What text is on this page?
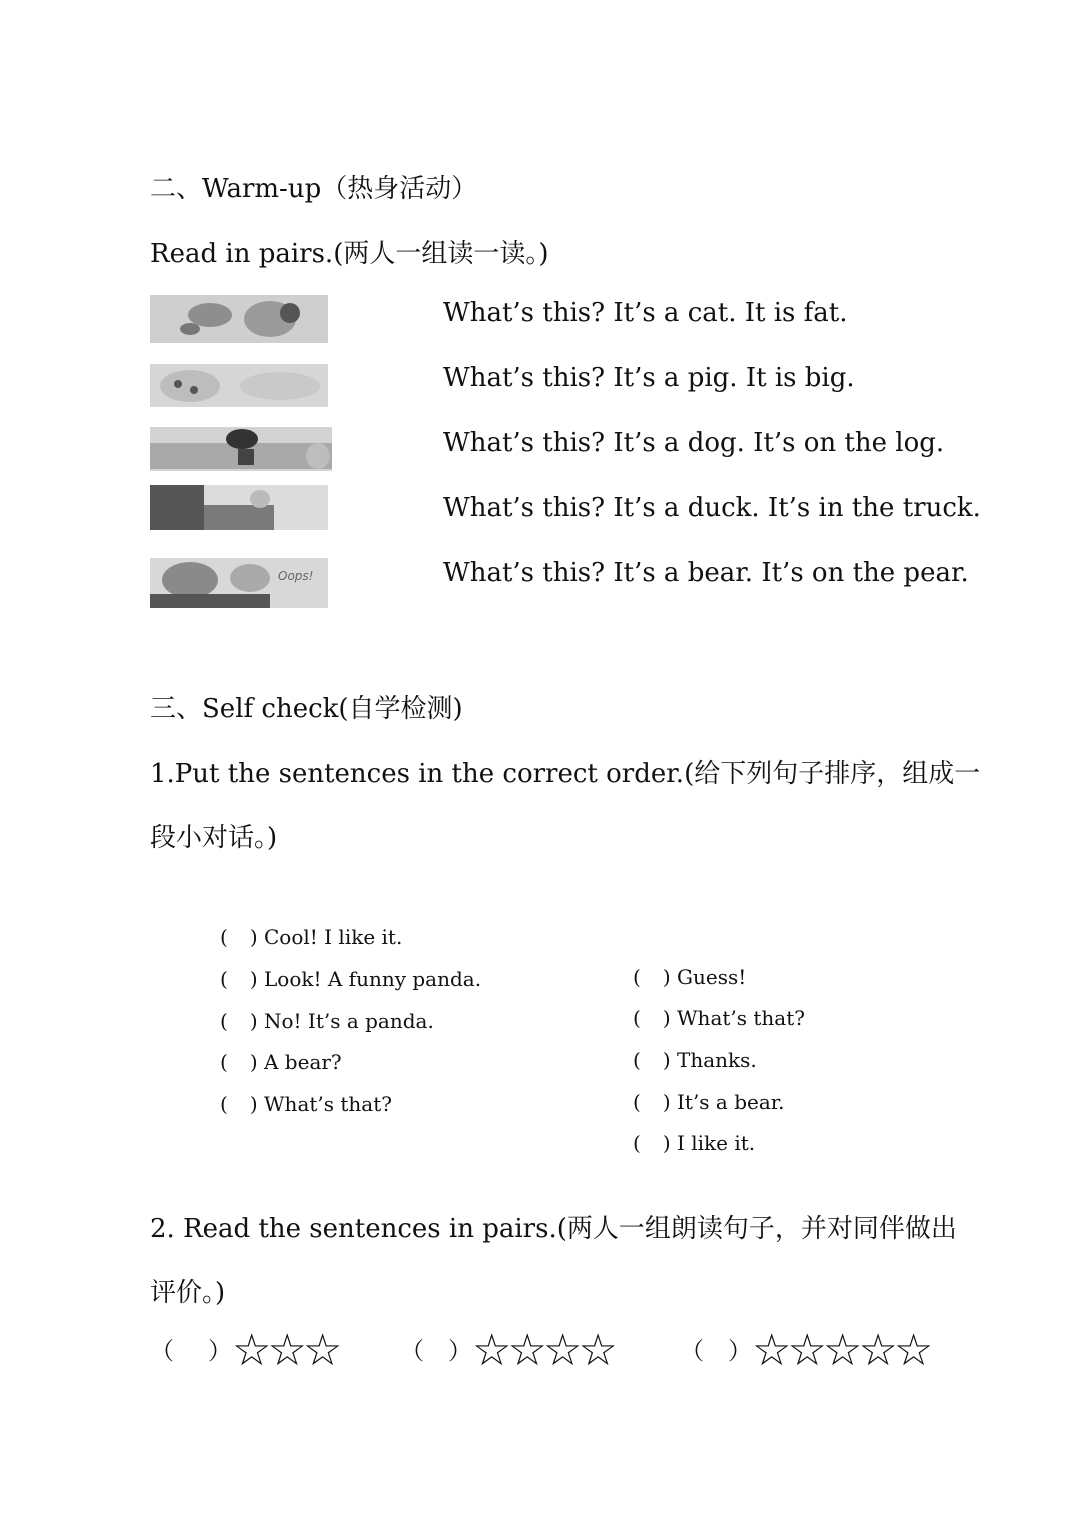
二、Warm-up（热身活动）
Read in pairs.(两人一组读一读。)
Oops!
What’s this? It’s a cat. It is fat.
What’s this? It’s a pig. It is big.
What’s this? It’s a dog. It’s on the log.
What’s this? It’s a duck. It’s in the truck.
What’s this? It’s a bear. It’s on the pear.
三、Self check(自学检测)
1.Put the sentences in the correct order.(给下列句子排序，组成一
段小对话。)
( ) Cool! I like it.
( ) Look! A funny panda.
( ) No! It’s a panda.
( ) A bear?
( ) What’s that?
( ) Guess!
( ) What’s that?
( ) Thanks.
( ) It’s a bear.
( ) I like it.
2. Read the sentences in pairs.(两人一组朗读句子，并对同伴做出
评价。)
（ ）☆☆☆	（ ）☆☆☆☆	（ ）☆☆☆☆☆
